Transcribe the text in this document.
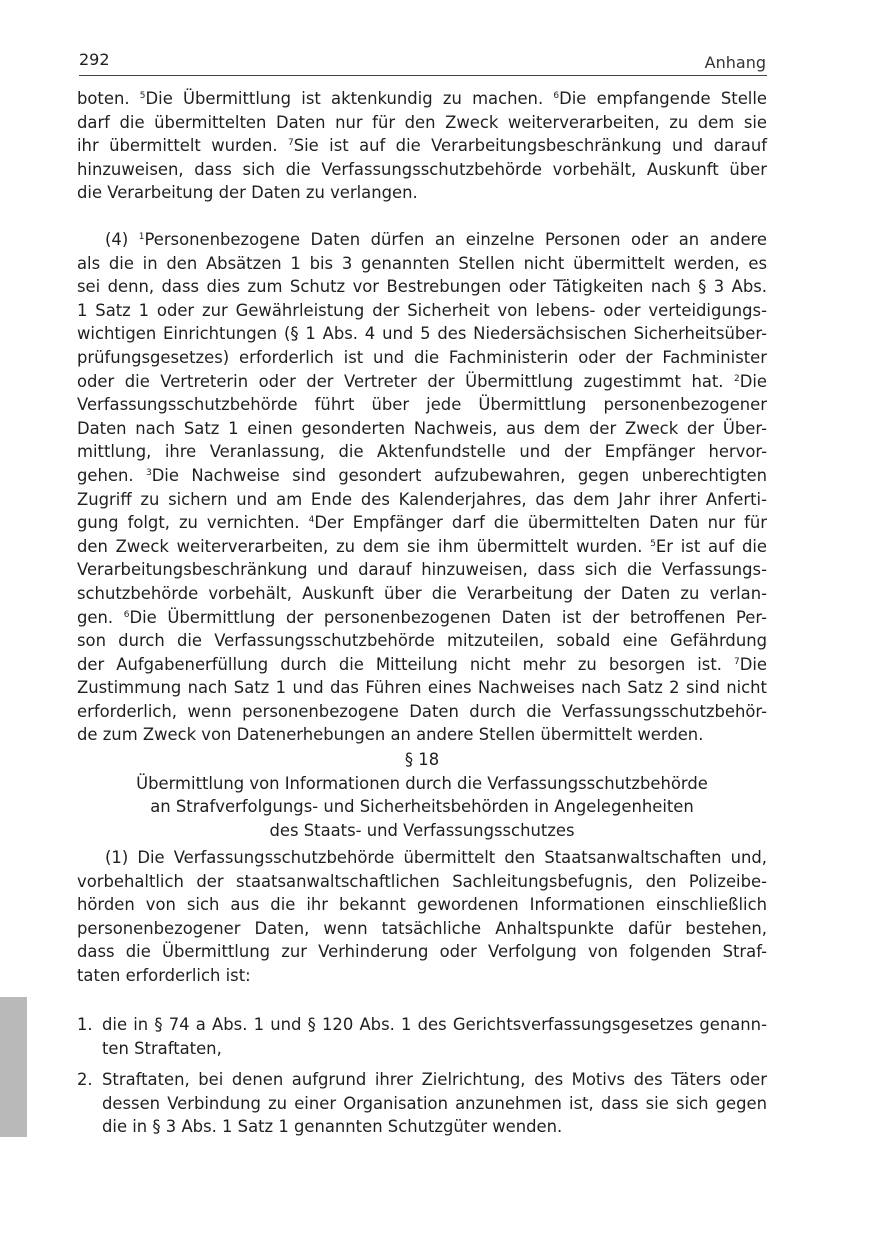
292	Anhang
boten. $^5$Die Übermittlung ist aktenkundig zu machen. $^6$Die empfangende Stelle
darf die übermittelten Daten nur für den Zweck weiterverarbeiten, zu dem sie
ihr übermittelt wurden. $^7$Sie ist auf die Verarbeitungsbeschränkung und darauf
hinzuweisen, dass sich die Verfassungsschutzbehörde vorbehält, Auskunft über
die Verarbeitung der Daten zu verlangen.
(4) $^1$Personenbezogene Daten dürfen an einzelne Personen oder an andere
als die in den Absätzen 1 bis 3 genannten Stellen nicht übermittelt werden, es
sei denn, dass dies zum Schutz vor Bestrebungen oder Tätigkeiten nach § 3 Abs.
1 Satz 1 oder zur Gewährleistung der Sicherheit von lebens- oder verteidigungs-
wichtigen Einrichtungen (§ 1 Abs. 4 und 5 des Niedersächsischen Sicherheitsüber-
prüfungsgesetzes) erforderlich ist und die Fachministerin oder der Fachminister
oder die Vertreterin oder der Vertreter der Übermittlung zugestimmt hat. $^2$Die
Verfassungsschutzbehörde führt über jede Übermittlung personenbezogener
Daten nach Satz 1 einen gesonderten Nachweis, aus dem der Zweck der Über-
mittlung, ihre Veranlassung, die Aktenfundstelle und der Empfänger hervor-
gehen. $^3$Die Nachweise sind gesondert aufzubewahren, gegen unberechtigten
Zugriff zu sichern und am Ende des Kalenderjahres, das dem Jahr ihrer Anferti-
gung folgt, zu vernichten. $^4$Der Empfänger darf die übermittelten Daten nur für
den Zweck weiterverarbeiten, zu dem sie ihm übermittelt wurden. $^5$Er ist auf die
Verarbeitungsbeschränkung und darauf hinzuweisen, dass sich die Verfassungs-
schutzbehörde vorbehält, Auskunft über die Verarbeitung der Daten zu verlan-
gen. $^6$Die Übermittlung der personenbezogenen Daten ist der betroffenen Per-
son durch die Verfassungsschutzbehörde mitzuteilen, sobald eine Gefährdung
der Aufgabenerfüllung durch die Mitteilung nicht mehr zu besorgen ist. $^7$Die
Zustimmung nach Satz 1 und das Führen eines Nachweises nach Satz 2 sind nicht
erforderlich, wenn personenbezogene Daten durch die Verfassungsschutzbehör-
de zum Zweck von Datenerhebungen an andere Stellen übermittelt werden.
§ 18
Übermittlung von Informationen durch die Verfassungsschutzbehörde
an Strafverfolgungs- und Sicherheitsbehörden in Angelegenheiten
des Staats- und Verfassungsschutzes
(1) Die Verfassungsschutzbehörde übermittelt den Staatsanwaltschaften und,
vorbehaltlich der staatsanwaltschaftlichen Sachleitungsbefugnis, den Polizeibe-
hörden von sich aus die ihr bekannt gewordenen Informationen einschließlich
personenbezogener Daten, wenn tatsächliche Anhaltspunkte dafür bestehen,
dass die Übermittlung zur Verhinderung oder Verfolgung von folgenden Straf-
taten erforderlich ist:
1. die in § 74 a Abs. 1 und § 120 Abs. 1 des Gerichtsverfassungsgesetzes genann-
ten Straftaten,
2. Straftaten, bei denen aufgrund ihrer Zielrichtung, des Motivs des Täters oder
dessen Verbindung zu einer Organisation anzunehmen ist, dass sie sich gegen
die in § 3 Abs. 1 Satz 1 genannten Schutzgüter wenden.
